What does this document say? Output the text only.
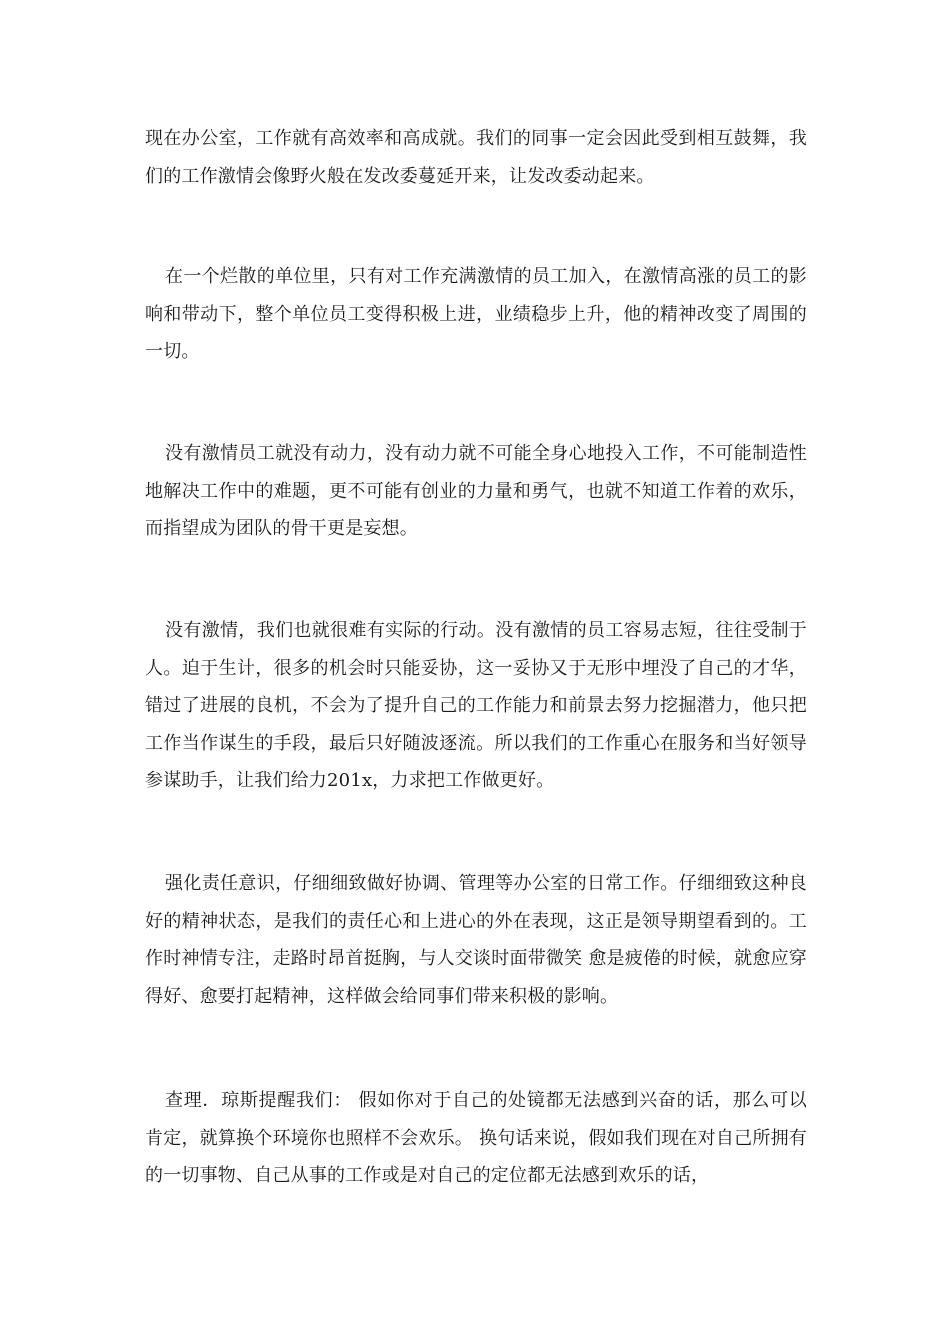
现在办公室，工作就有高效率和高成就。我们的同事一定会因此受到相互鼓舞，我们的工作激情会像野火般在发改委蔓延开来，让发改委动起来。

在一个烂散的单位里，只有对工作充满激情的员工加入，在激情高涨的员工的影响和带动下，整个单位员工变得积极上进，业绩稳步上升，他的精神改变了周围的一切。

没有激情员工就没有动力，没有动力就不可能全身心地投入工作，不可能制造性地解决工作中的难题，更不可能有创业的力量和勇气，也就不知道工作着的欢乐，而指望成为团队的骨干更是妄想。

没有激情，我们也就很难有实际的行动。没有激情的员工容易志短，往往受制于人。迫于生计，很多的机会时只能妥协，这一妥协又于无形中埋没了自己的才华，错过了进展的良机，不会为了提升自己的工作能力和前景去努力挖掘潜力，他只把工作当作谋生的手段，最后只好随波逐流。所以我们的工作重心在服务和当好领导参谋助手，让我们给力201x，力求把工作做更好。

强化责任意识，仔细细致做好协调、管理等办公室的日常工作。仔细细致这种良好的精神状态，是我们的责任心和上进心的外在表现，这正是领导期望看到的。工作时神情专注，走路时昂首挺胸，与人交谈时面带微笑 愈是疲倦的时候，就愈应穿得好、愈要打起精神，这样做会给同事们带来积极的影响。

查理．琼斯提醒我们： 假如你对于自己的处镜都无法感到兴奋的话，那么可以肯定，就算换个环境你也照样不会欢乐。 换句话来说，假如我们现在对自己所拥有的一切事物、自己从事的工作或是对自己的定位都无法感到欢乐的话，
